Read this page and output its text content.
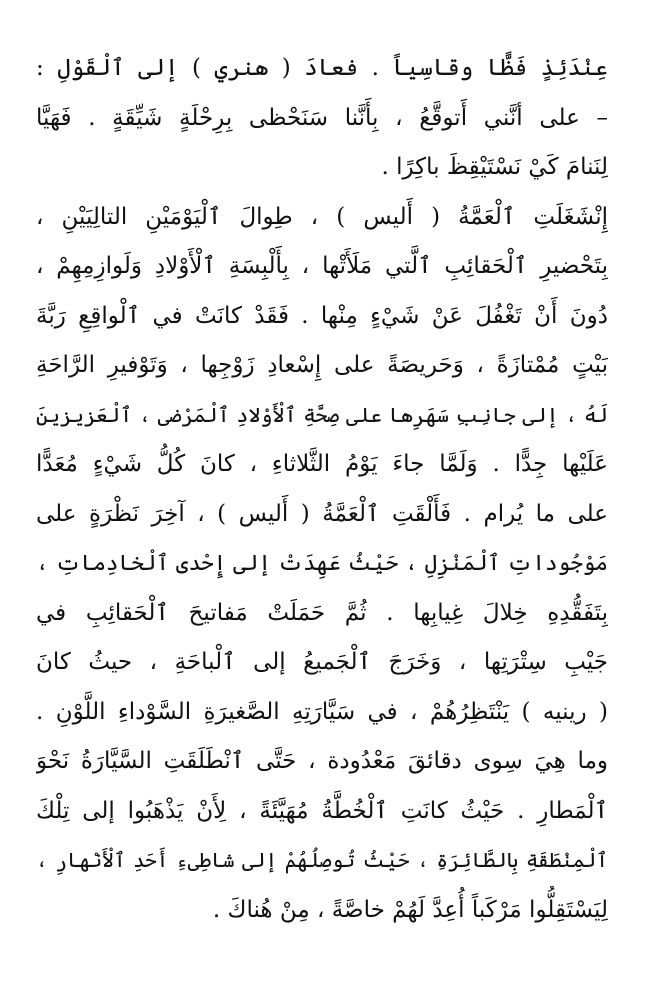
عِنْدَئِذٍ فَظًّا وقاسِياً . فعادَ ( هنري ) إلى ٱلْقَوْلِ :
– على أنَّني أَتوقَّعُ ، بِأَنَّنا سَنَحْظى بِرِحْلَةٍ شَيِّقَةٍ . فَهَيَّا
لِنَنامَ كَيْ نَسْتَيْقِظَ باكِرًا .
إِنْشَغَلَتِ ٱلْعَمَّةُ ( أَليس ) ، طِوالَ ٱلْيَوْمَيْنِ التالِيَيْنِ ،
بِتَحْضيرِ ٱلْحَقائِبِ ٱلَّتي مَلَأَتْها ، بِأَلْبِسَةِ ٱلْأَوْلادِ وَلَوازِمِهِمْ ،
دُونَ أَنْ تَغْفُلَ عَنْ شَيْءٍ مِنْها . فَقَدْ كانَتْ في ٱلْواقِعِ رَبَّةَ
بَيْتٍ مُمْتازَةً ، وَحَريصَةً على إِسْعادِ زَوْجِها ، وَتَوْفيرِ الرَّاحَةِ
لَهُ ، إلى جانِبِ سَهَرِها على صِحَّةِ ٱلْأَوْلادِ ٱلْمَرْضى ، ٱلْعَزيزينَ
عَلَيْها جِدًّا . وَلَمَّا جاءَ يَوْمُ الثَّلاثاءِ ، كانَ كُلُّ شَيْءٍ مُعَدًّا
على ما يُرام . فَأَلْقَتِ ٱلْعَمَّةُ ( أَليس ) ، آخِرَ نَظْرَةٍ على
مَوْجُوداتِ ٱلْمَنْزِلِ ، حَيْثُ عَهِدَتْ إلى إِحْدى ٱلْخادِماتِ ،
بِتَفَقُّدِهِ خِلالَ غِيابِها . ثُمَّ حَمَلَتْ مَفاتيحَ ٱلْحَقائِبِ في
جَيْبِ سِتْرَتِها ، وَخَرَجَ ٱلْجَميعُ إلى ٱلْباحَةِ ، حيثُ كانَ
( رينيه ) يَنْتَظِرُهُمْ ، في سَيَّارَتِهِ الصَّغيرَةِ السَّوْداءِ اللَّوْنِ .
وما هِيَ سِوى دقائقَ مَعْدُودة ، حَتَّى ٱنْطَلَقَتِ السَّيَّارَةُ نَحْوَ
ٱلْمَطارِ . حَيْثُ كانَتِ ٱلْخُطَّةُ مُهَيَّئَةً ، لِأَنْ يَذْهَبُوا إلى تِلْكَ
ٱلْمِنْطَقَةِ بِالطَّائِرَةِ ، حَيْثُ تُوصِلُهُمْ إلى شاطِىءِ أَحَدِ ٱلْأَنْهارِ ،
لِيَسْتَقِلُّوا مَرْكَباً أُعِدَّ لَهُمْ خاصَّةً ، مِنْ هُناكَ .
